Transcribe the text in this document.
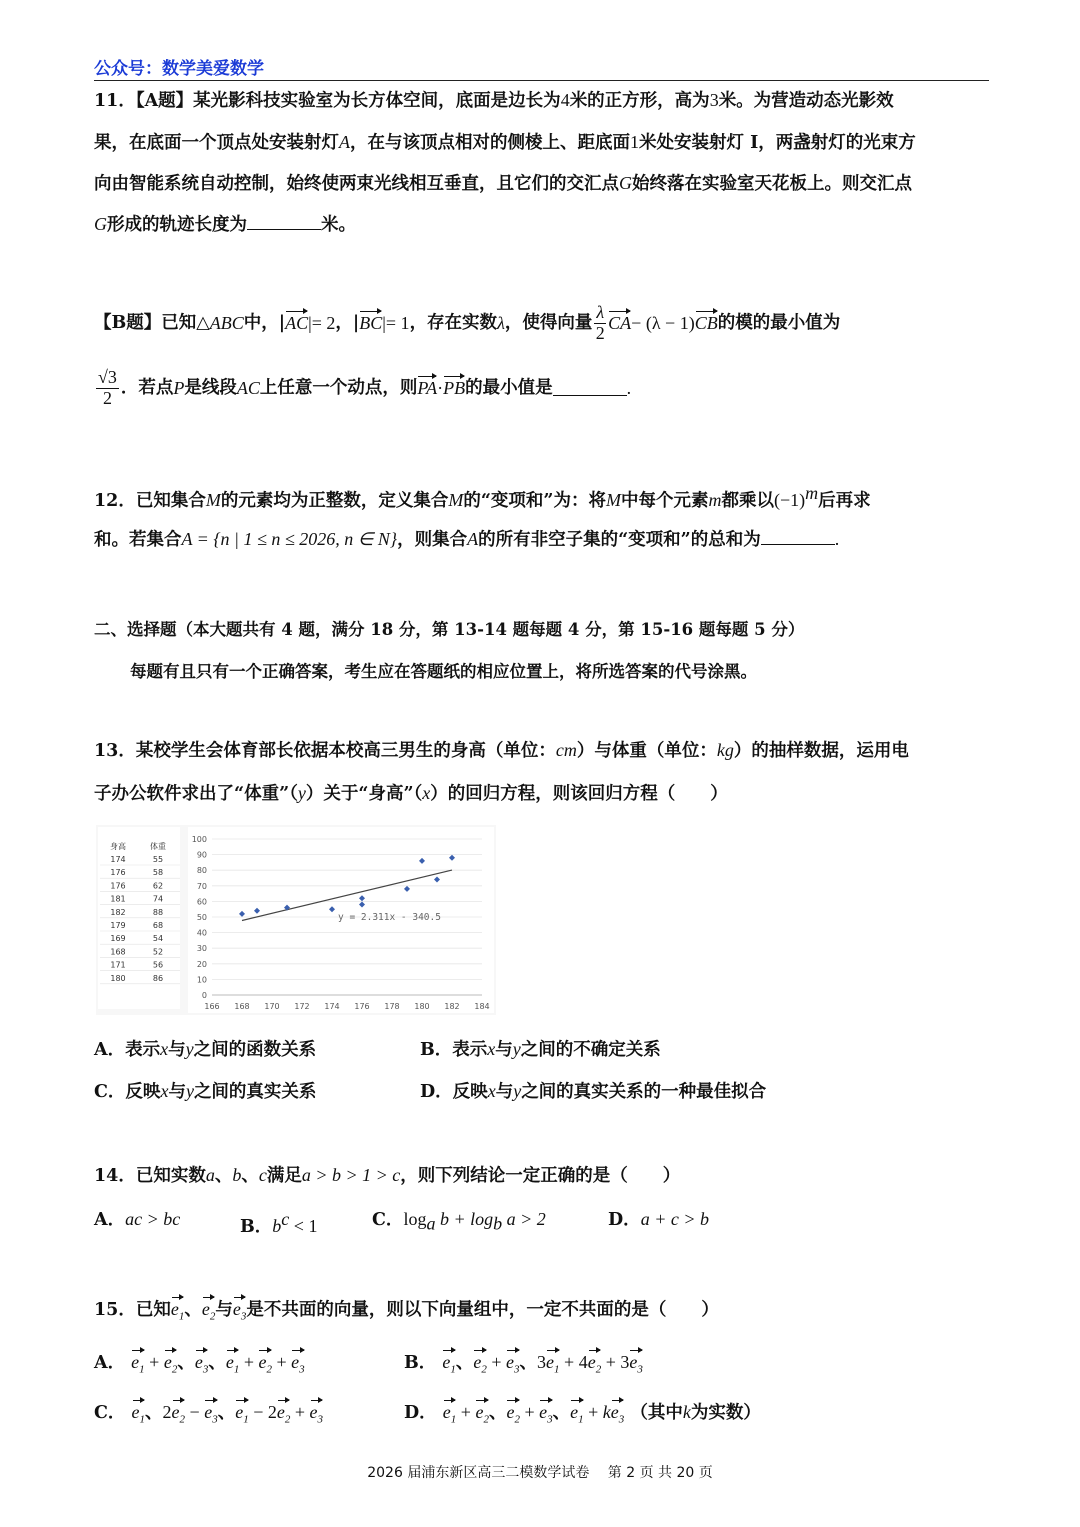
公众号：数学美爱数学
11．【A题】某光影科技实验室为长方体空间，底面是边长为4米的正方形，高为3米。为营造动态光影效
果，在底面一个顶点处安装射灯A，在与该顶点相对的侧棱上、距底面1米处安装射灯 I，两盏射灯的光束方
向由智能系统自动控制，始终使两束光线相互垂直，且它们的交汇点G始终落在实验室天花板上。则交汇点
G形成的轨迹长度为	米。
【B题】已知△ ABC 中，| AC |= 2 ，| BC |= 1 ，存在实数 λ ，使得向量 $\frac{\lambda}{2}$ CA − (λ − 1) CB 的模的最小值为
$\frac{√3}{2}$ ．若点 P 是线段 AC 上任意一个动点，则 PA · PB 的最小值是	.
12．已知集合M的元素均为正整数，定义集合M的“变项和”为：将M中每个元素m都乘以$(-1)^m$后再求
和。若集合A = {n | 1 ≤ n ≤ 2026, n ∈ N}，则集合A的所有非空子集的“变项和”的总和为	.
二、选择题（本大题共有 4 题，满分 18 分，第 13-14 题每题 4 分，第 15-16 题每题 5 分）
每题有且只有一个正确答案，考生应在答题纸的相应位置上，将所选答案的代号涂黑。
13．某校学生会体育部长依据本校高三男生的身高（单位：cm）与体重（单位：kg）的抽样数据，运用电
子办公软件求出了“体重”（y）关于“身高”（x）的回归方程，则该回归方程（　　）
身高	体重
174	55
176	58
176	62
181	74
182	88
179	68
169	54
168	52
171	56
180	86
0
10
20
30
40
50
60
70
80
90
100
166 168 170 172 174 176 178 180 182 184
y = 2.311x - 340.5
A．表示x与y之间的函数关系	B．表示x与y之间的不确定关系
C．反映x与y之间的真实关系	D．反映x与y之间的真实关系的一种最佳拟合
14．已知实数a、b、c满足a > b > 1 > c，则下列结论一定正确的是（　　）
A．ac > bc	B．$b^c < 1$	C．$\log_a b + \log_b a > 2$	D．a + c > b
15．已知$e_1$、$e_2$与$e_3$是不共面的向量，则以下向量组中，一定不共面的是（　　）
A． $e_1 + e_2$、$e_3$、$e_1 + e_2 + e_3$	B． $e_1$、$e_2 + e_3$、$3e_1 + 4e_2 + 3e_3$
C． $e_1$、$2e_2 - e_3$、$e_1 - 2e_2 + e_3$	D． $e_1 + e_2$、$e_2 + e_3$、$e_1 + ke_3$ （其中k为实数）
2026 届浦东新区高三二模数学试卷　 第 2 页 共 20 页
